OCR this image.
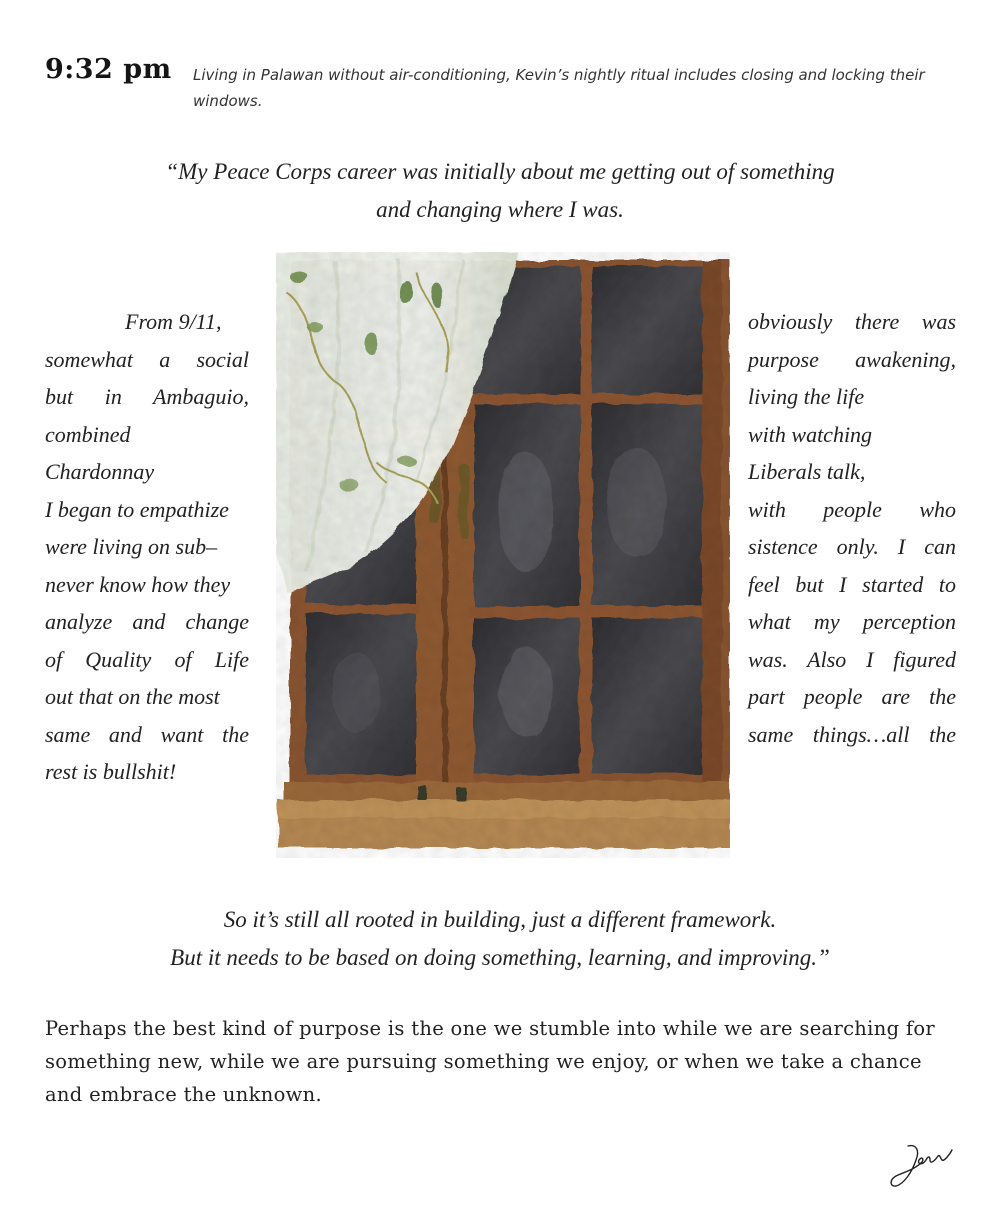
9:32 pm Living in Palawan without air-conditioning, Kevin’s nightly ritual includes closing and locking their windows.
“My Peace Corps career was initially about me getting out of something
and changing where I was.
From 9/11,
somewhat a social
but in Ambaguio,
combined
Chardonnay
I began to empathize
were living on sub–
never know how they
analyze and change
of Quality of Life
out that on the most
same and want the
rest is bullshit!
obviously there was
purpose awakening,
living the life
with watching
Liberals talk,
with people who
sistence only. I can
feel but I started to
what my perception
was. Also I figured
part people are the
same things…all the
So it’s still all rooted in building, just a different framework.
But it needs to be based on doing something, learning, and improving.”
Perhaps the best kind of purpose is the one we stumble into while we are searching for something new, while we are pursuing something we enjoy, or when we take a chance and embrace the unknown.
